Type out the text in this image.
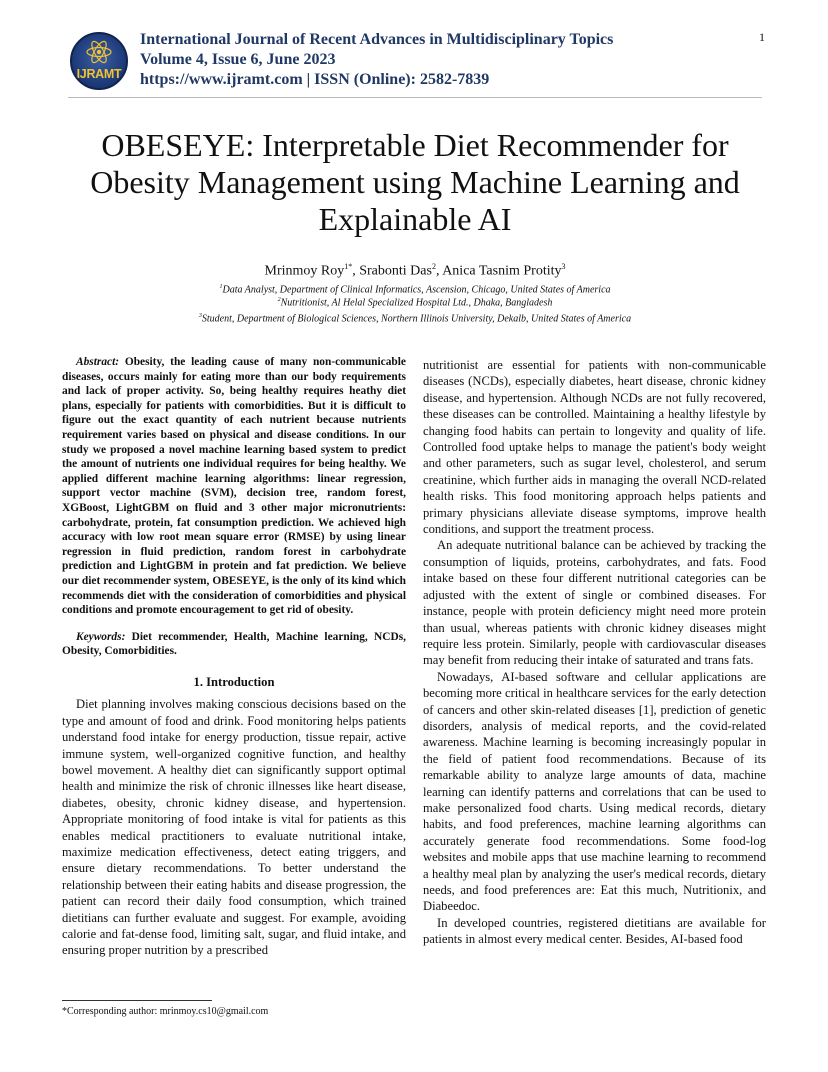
IJRAMT
International Journal of Recent Advances in Multidisciplinary Topics
Volume 4, Issue 6, June 2023
https://www.ijramt.com | ISSN (Online): 2582-7839
1
OBESEYE: Interpretable Diet Recommender for Obesity Management using Machine Learning and Explainable AI
Mrinmoy Roy$^{1*}$, Srabonti Das$^2$, Anica Tasnim Protity$^3$
$^1$Data Analyst, Department of Clinical Informatics, Ascension, Chicago, United States of America
$^2$Nutritionist, Al Helal Specialized Hospital Ltd., Dhaka, Bangladesh
$^3$Student, Department of Biological Sciences, Northern Illinois University, Dekalb, United States of America

Abstract: Obesity, the leading cause of many non-communicable diseases, occurs mainly for eating more than our body requirements and lack of proper activity. So, being healthy requires heathy diet plans, especially for patients with comorbidities. But it is difficult to figure out the exact quantity of each nutrient because nutrients requirement varies based on physical and disease conditions. In our study we proposed a novel machine learning based system to predict the amount of nutrients one individual requires for being healthy. We applied different machine learning algorithms: linear regression, support vector machine (SVM), decision tree, random forest, XGBoost, LightGBM on fluid and 3 other major micronutrients: carbohydrate, protein, fat consumption prediction. We achieved high accuracy with low root mean square error (RMSE) by using linear regression in fluid prediction, random forest in carbohydrate prediction and LightGBM in protein and fat prediction. We believe our diet recommender system, OBESEYE, is the only of its kind which recommends diet with the consideration of comorbidities and physical conditions and promote encouragement to get rid of obesity.

Keywords: Diet recommender, Health, Machine learning, NCDs, Obesity, Comorbidities.

1. Introduction

Diet planning involves making conscious decisions based on the type and amount of food and drink. Food monitoring helps patients understand food intake for energy production, tissue repair, active immune system, well-organized cognitive function, and healthy bowel movement. A healthy diet can significantly support optimal health and minimize the risk of chronic illnesses like heart disease, diabetes, obesity, chronic kidney disease, and hypertension. Appropriate monitoring of food intake is vital for patients as this enables medical practitioners to evaluate nutritional intake, maximize medication effectiveness, detect eating triggers, and ensure dietary recommendations. To better understand the relationship between their eating habits and disease progression, the patient can record their daily food consumption, which trained dietitians can further evaluate and suggest. For example, avoiding calorie and fat-dense food, limiting salt, sugar, and fluid intake, and ensuring proper nutrition by a prescribed

nutritionist are essential for patients with non-communicable diseases (NCDs), especially diabetes, heart disease, chronic kidney disease, and hypertension. Although NCDs are not fully recovered, these diseases can be controlled. Maintaining a healthy lifestyle by changing food habits can pertain to longevity and quality of life. Controlled food uptake helps to manage the patient's body weight and other parameters, such as sugar level, cholesterol, and serum creatinine, which further aids in managing the overall NCD-related health risks. This food monitoring approach helps patients and primary physicians alleviate disease symptoms, improve health conditions, and support the treatment process.

An adequate nutritional balance can be achieved by tracking the consumption of liquids, proteins, carbohydrates, and fats. Food intake based on these four different nutritional categories can be adjusted with the extent of single or combined diseases. For instance, people with protein deficiency might need more protein than usual, whereas patients with chronic kidney diseases might require less protein. Similarly, people with cardiovascular diseases may benefit from reducing their intake of saturated and trans fats.

Nowadays, AI-based software and cellular applications are becoming more critical in healthcare services for the early detection of cancers and other skin-related diseases [1], prediction of genetic disorders, analysis of medical reports, and the covid-related awareness. Machine learning is becoming increasingly popular in the field of patient food recommendations. Because of its remarkable ability to analyze large amounts of data, machine learning can identify patterns and correlations that can be used to make personalized food charts. Using medical records, dietary habits, and food preferences, machine learning algorithms can accurately generate food recommendations. Some food-log websites and mobile apps that use machine learning to recommend a healthy meal plan by analyzing the user's medical records, dietary needs, and food preferences are: Eat this much, Nutritionix, and Diabeedoc.

In developed countries, registered dietitians are available for patients in almost every medical center. Besides, AI-based food

*Corresponding author: mrinmoy.cs10@gmail.com
